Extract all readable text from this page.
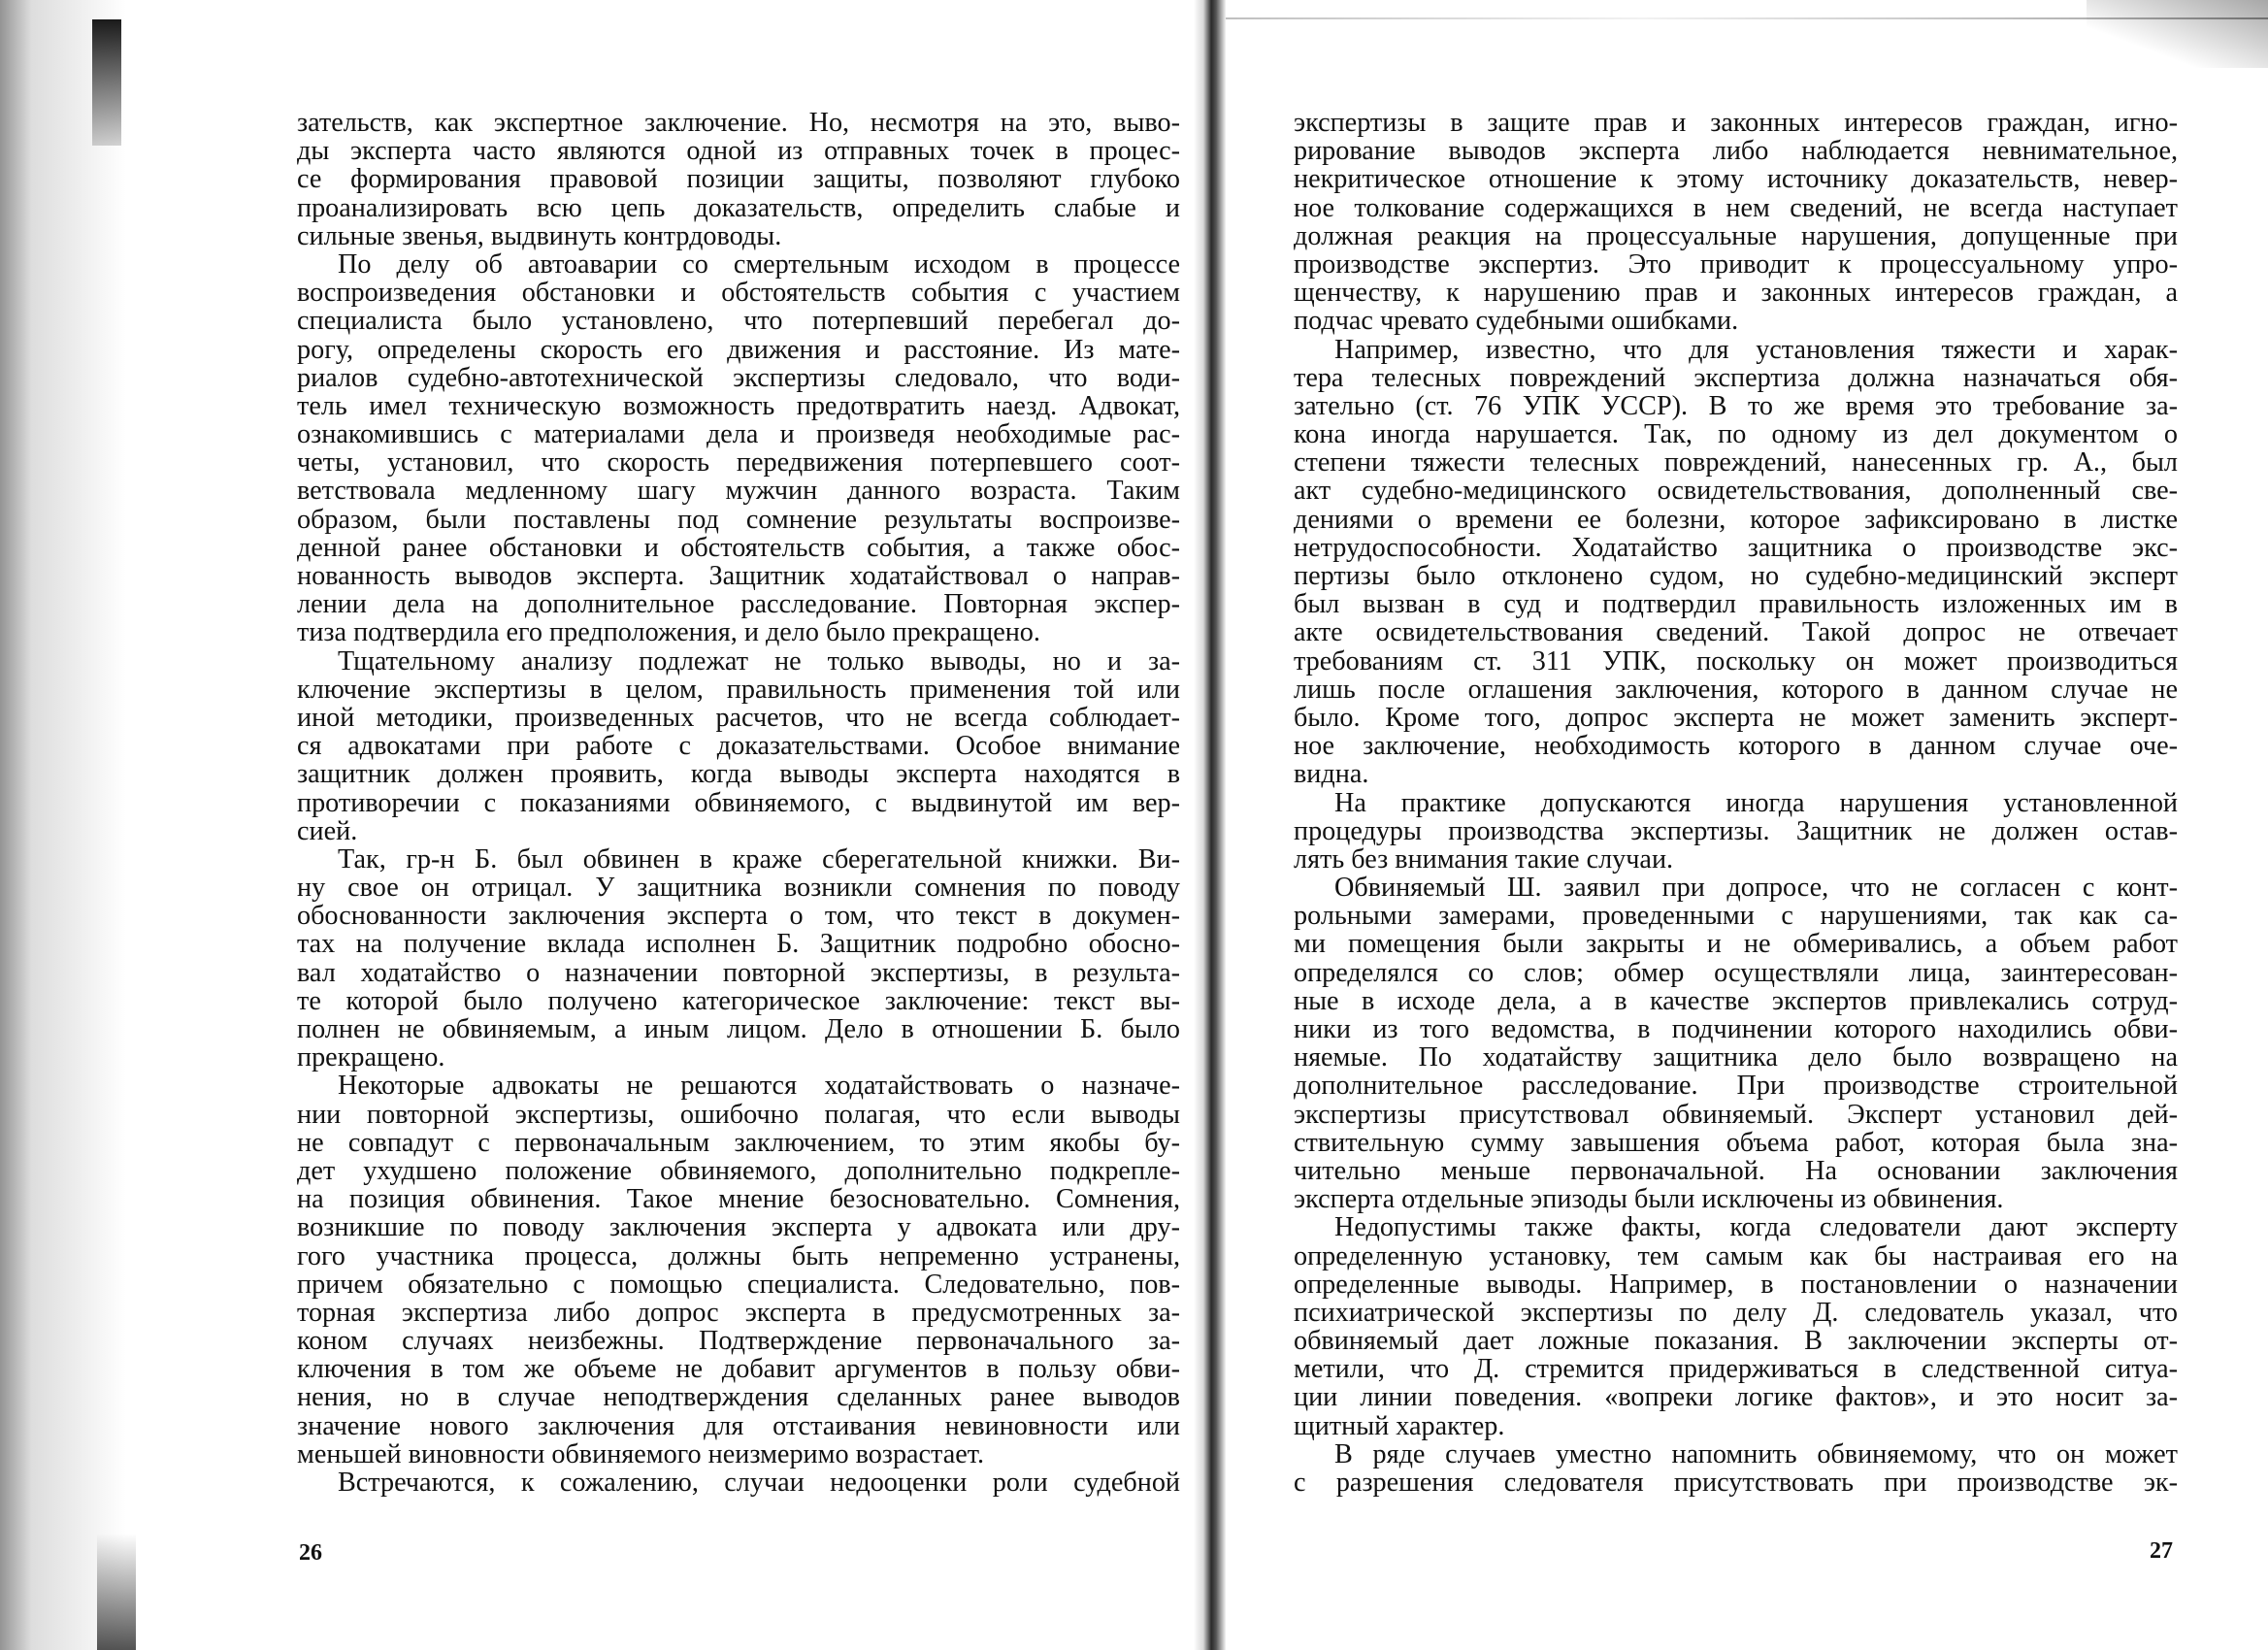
зательств, как экспертное заключение. Но, несмотря на это, выво-
ды эксперта часто являются одной из отправных точек в процес-
се формирования правовой позиции защиты, позволяют глубоко
проанализировать всю цепь доказательств, определить слабые и
сильные звенья, выдвинуть контрдоводы.
По делу об автоаварии со смертельным исходом в процессе
воспроизведения обстановки и обстоятельств события с участием
специалиста было установлено, что потерпевший перебегал до-
рогу, определены скорость его движения и расстояние. Из мате-
риалов судебно-автотехнической экспертизы следовало, что води-
тель имел техническую возможность предотвратить наезд. Адвокат,
ознакомившись с материалами дела и произведя необходимые рас-
четы, установил, что скорость передвижения потерпевшего соот-
ветствовала медленному шагу мужчин данного возраста. Таким
образом, были поставлены под сомнение результаты воспроизве-
денной ранее обстановки и обстоятельств события, а также обос-
нованность выводов эксперта. Защитник ходатайствовал о направ-
лении дела на дополнительное расследование. Повторная экспер-
тиза подтвердила его предположения, и дело было прекращено.
Тщательному анализу подлежат не только выводы, но и за-
ключение экспертизы в целом, правильность применения той или
иной методики, произведенных расчетов, что не всегда соблюдает-
ся адвокатами при работе с доказательствами. Особое внимание
защитник должен проявить, когда выводы эксперта находятся в
противоречии с показаниями обвиняемого, с выдвинутой им вер-
сией.
Так, гр-н Б. был обвинен в краже сберегательной книжки. Ви-
ну свое он отрицал. У защитника возникли сомнения по поводу
обоснованности заключения эксперта о том, что текст в докумен-
тах на получение вклада исполнен Б. Защитник подробно обосно-
вал ходатайство о назначении повторной экспертизы, в результа-
те которой было получено категорическое заключение: текст вы-
полнен не обвиняемым, а иным лицом. Дело в отношении Б. было
прекращено.
Некоторые адвокаты не решаются ходатайствовать о назначе-
нии повторной экспертизы, ошибочно полагая, что если выводы
не совпадут с первоначальным заключением, то этим якобы бу-
дет ухудшено положение обвиняемого, дополнительно подкрепле-
на позиция обвинения. Такое мнение безосновательно. Сомнения,
возникшие по поводу заключения эксперта у адвоката или дру-
гого участника процесса, должны быть непременно устранены,
причем обязательно с помощью специалиста. Следовательно, пов-
торная экспертиза либо допрос эксперта в предусмотренных за-
коном случаях неизбежны. Подтверждение первоначального за-
ключения в том же объеме не добавит аргументов в пользу обви-
нения, но в случае неподтверждения сделанных ранее выводов
значение нового заключения для отстаивания невиновности или
меньшей виновности обвиняемого неизмеримо возрастает.
Встречаются, к сожалению, случаи недооценки роли судебной
26
экспертизы в защите прав и законных интересов граждан, игно-
рирование выводов эксперта либо наблюдается невнимательное,
некритическое отношение к этому источнику доказательств, невер-
ное толкование содержащихся в нем сведений, не всегда наступает
должная реакция на процессуальные нарушения, допущенные при
производстве экспертиз. Это приводит к процессуальному упро-
щенчеству, к нарушению прав и законных интересов граждан, а
подчас чревато судебными ошибками.
Например, известно, что для установления тяжести и харак-
тера телесных повреждений экспертиза должна назначаться обя-
зательно (ст. 76 УПК УССР). В то же время это требование за-
кона иногда нарушается. Так, по одному из дел документом о
степени тяжести телесных повреждений, нанесенных гр. А., был
акт судебно-медицинского освидетельствования, дополненный све-
дениями о времени ее болезни, которое зафиксировано в листке
нетрудоспособности. Ходатайство защитника о производстве экс-
пертизы было отклонено судом, но судебно-медицинский эксперт
был вызван в суд и подтвердил правильность изложенных им в
акте освидетельствования сведений. Такой допрос не отвечает
требованиям ст. 311 УПК, поскольку он может производиться
лишь после оглашения заключения, которого в данном случае не
было. Кроме того, допрос эксперта не может заменить эксперт-
ное заключение, необходимость которого в данном случае оче-
видна.
На практике допускаются иногда нарушения установленной
процедуры производства экспертизы. Защитник не должен остав-
лять без внимания такие случаи.
Обвиняемый Ш. заявил при допросе, что не согласен с конт-
рольными замерами, проведенными с нарушениями, так как са-
ми помещения были закрыты и не обмеривались, а объем работ
определялся со слов; обмер осуществляли лица, заинтересован-
ные в исходе дела, а в качестве экспертов привлекались сотруд-
ники из того ведомства, в подчинении которого находились обви-
няемые. По ходатайству защитника дело было возвращено на
дополнительное расследование. При производстве строительной
экспертизы присутствовал обвиняемый. Эксперт установил дей-
ствительную сумму завышения объема работ, которая была зна-
чительно меньше первоначальной. На основании заключения
эксперта отдельные эпизоды были исключены из обвинения.
Недопустимы также факты, когда следователи дают эксперту
определенную установку, тем самым как бы настраивая его на
определенные выводы. Например, в постановлении о назначении
психиатрической экспертизы по делу Д. следователь указал, что
обвиняемый дает ложные показания. В заключении эксперты от-
метили, что Д. стремится придерживаться в следственной ситуа-
ции линии поведения. «вопреки логике фактов», и это носит за-
щитный характер.
В ряде случаев уместно напомнить обвиняемому, что он может
с разрешения следователя присутствовать при производстве эк-
27
